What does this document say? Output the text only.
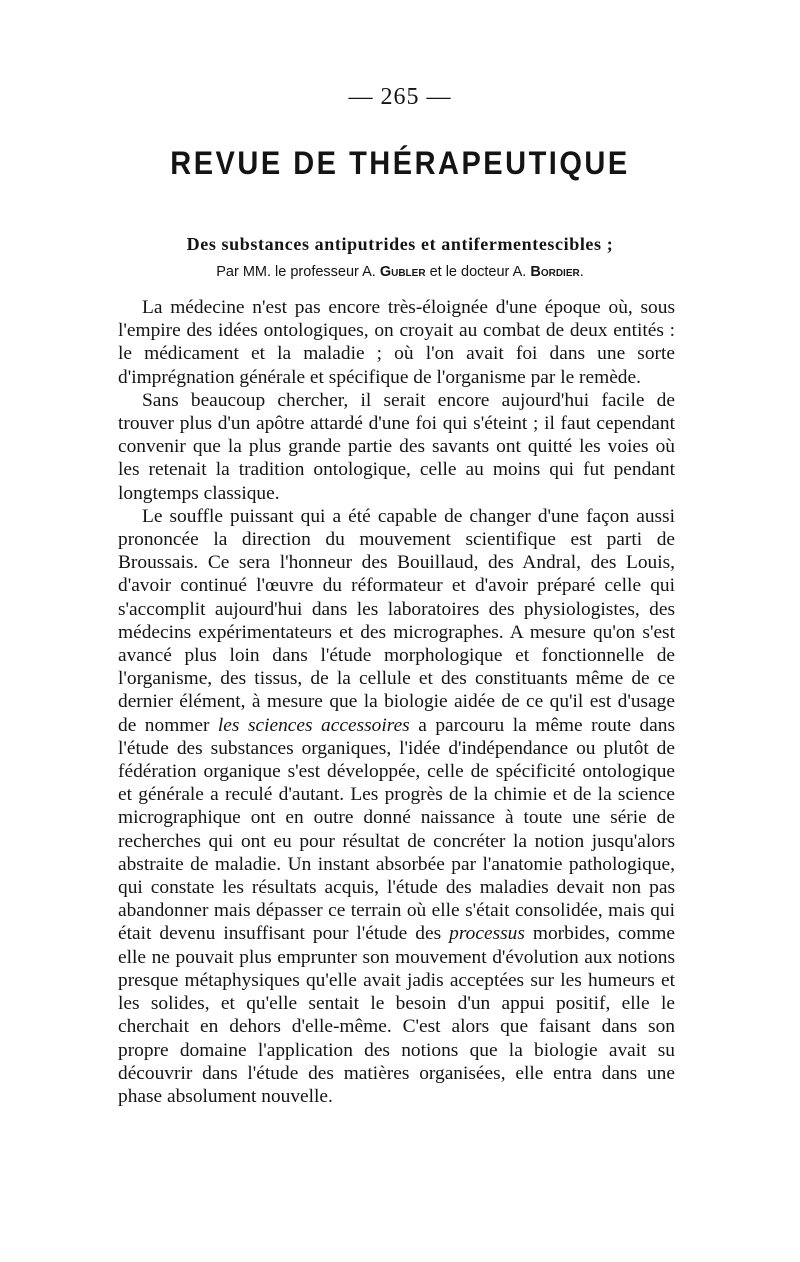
— 265 —
REVUE DE THÉRAPEUTIQUE
Des substances antiputrides et antifermentescibles ;
Par MM. le professeur A. Gubler et le docteur A. Bordier.

La médecine n'est pas encore très-éloignée d'une époque où, sous l'empire des idées ontologiques, on croyait au combat de deux entités : le médicament et la maladie ; où l'on avait foi dans une sorte d'imprégnation générale et spécifique de l'organisme par le remède.

Sans beaucoup chercher, il serait encore aujourd'hui facile de trouver plus d'un apôtre attardé d'une foi qui s'éteint ; il faut cependant convenir que la plus grande partie des savants ont quitté les voies où les retenait la tradition ontologique, celle au moins qui fut pendant longtemps classique.

Le souffle puissant qui a été capable de changer d'une façon aussi prononcée la direction du mouvement scientifique est parti de Broussais. Ce sera l'honneur des Bouillaud, des Andral, des Louis, d'avoir continué l'œuvre du réformateur et d'avoir préparé celle qui s'accomplit aujourd'hui dans les laboratoires des physiologistes, des médecins expérimentateurs et des micrographes. A mesure qu'on s'est avancé plus loin dans l'étude morphologique et fonctionnelle de l'organisme, des tissus, de la cellule et des constituants même de ce dernier élément, à mesure que la biologie aidée de ce qu'il est d'usage de nommer les sciences accessoires a parcouru la même route dans l'étude des substances organiques, l'idée d'indépendance ou plutôt de fédération organique s'est développée, celle de spécificité ontologique et générale a reculé d'autant. Les progrès de la chimie et de la science micrographique ont en outre donné naissance à toute une série de recherches qui ont eu pour résultat de concréter la notion jusqu'alors abstraite de maladie. Un instant absorbée par l'anatomie pathologique, qui constate les résultats acquis, l'étude des maladies devait non pas abandonner mais dépasser ce terrain où elle s'était consolidée, mais qui était devenu insuffisant pour l'étude des processus morbides, comme elle ne pouvait plus emprunter son mouvement d'évolution aux notions presque métaphysiques qu'elle avait jadis acceptées sur les humeurs et les solides, et qu'elle sentait le besoin d'un appui positif, elle le cherchait en dehors d'elle-même. C'est alors que faisant dans son propre domaine l'application des notions que la biologie avait su découvrir dans l'étude des matières organisées, elle entra dans une phase absolument nouvelle.
